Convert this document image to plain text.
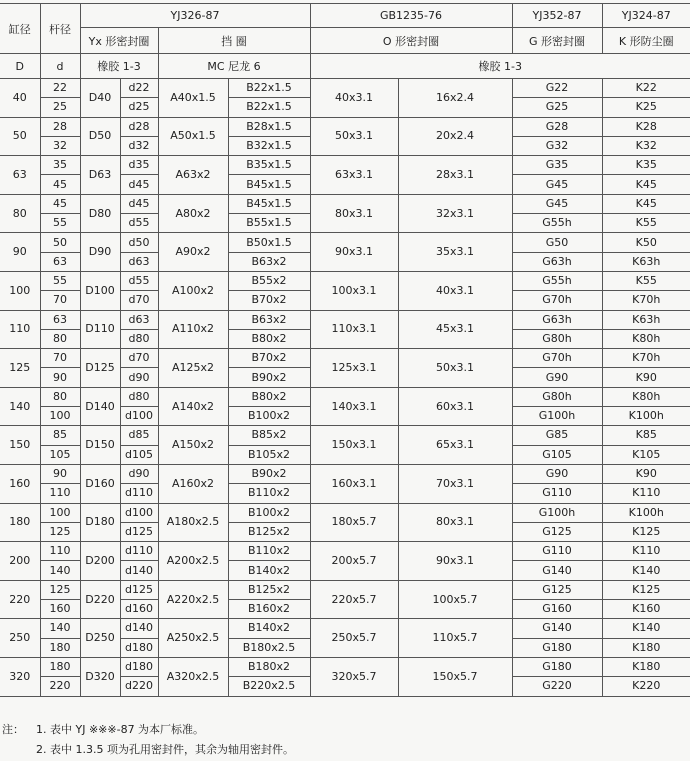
缸径	杆径	YJ326-87				GB1235-76		YJ352-87	YJ324-87
		Yx 形密封圈		挡 圈		O 形密封圈		G 形密封圈	K 形防尘圈
D	d	橡胶 1-3		MC 尼龙 6		橡胶 1-3			
40	22	D40	d22	A40x1.5	B22x1.5	40x3.1	16x2.4	G22	K22
	25		d25		B22x1.5			G25	K25
50	28	D50	d28	A50x1.5	B28x1.5	50x3.1	20x2.4	G28	K28
	32		d32		B32x1.5			G32	K32
63	35	D63	d35	A63x2	B35x1.5	63x3.1	28x3.1	G35	K35
	45		d45		B45x1.5			G45	K45
80	45	D80	d45	A80x2	B45x1.5	80x3.1	32x3.1	G45	K45
	55		d55		B55x1.5			G55h	K55
90	50	D90	d50	A90x2	B50x1.5	90x3.1	35x3.1	G50	K50
	63		d63		B63x2			G63h	K63h
100	55	D100	d55	A100x2	B55x2	100x3.1	40x3.1	G55h	K55
	70		d70		B70x2			G70h	K70h
110	63	D110	d63	A110x2	B63x2	110x3.1	45x3.1	G63h	K63h
	80		d80		B80x2			G80h	K80h
125	70	D125	d70	A125x2	B70x2	125x3.1	50x3.1	G70h	K70h
	90		d90		B90x2			G90	K90
140	80	D140	d80	A140x2	B80x2	140x3.1	60x3.1	G80h	K80h
	100		d100		B100x2			G100h	K100h
150	85	D150	d85	A150x2	B85x2	150x3.1	65x3.1	G85	K85
	105		d105		B105x2			G105	K105
160	90	D160	d90	A160x2	B90x2	160x3.1	70x3.1	G90	K90
	110		d110		B110x2			G110	K110
180	100	D180	d100	A180x2.5	B100x2	180x5.7	80x3.1	G100h	K100h
	125		d125		B125x2			G125	K125
200	110	D200	d110	A200x2.5	B110x2	200x5.7	90x3.1	G110	K110
	140		d140		B140x2			G140	K140
220	125	D220	d125	A220x2.5	B125x2	220x5.7	100x5.7	G125	K125
	160		d160		B160x2			G160	K160
250	140	D250	d140	A250x2.5	B140x2	250x5.7	110x5.7	G140	K140
	180		d180		B180x2.5			G180	K180
320	180	D320	d180	A320x2.5	B180x2	320x5.7	150x5.7	G180	K180
	220		d220		B220x2.5			G220	K220
注： 1. 表中 YJ ※※※-87 为本厂标准。
2. 表中 1.3.5 项为孔用密封件，其余为轴用密封件。
